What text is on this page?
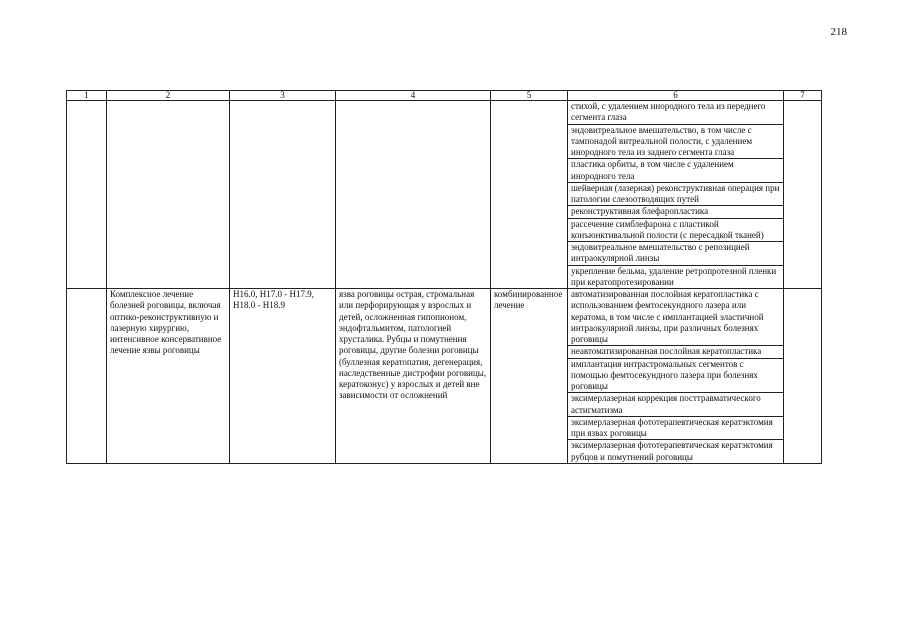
218
1	2	3	4	5	6	7
					стихой, с удалением инородного тела из переднего сегмента глаза	
					эндовитреальное вмешательство, в том числе с тампонадой витреальной полости, с удалением инородного тела из заднего сегмента глаза	
					пластика орбиты, в том числе с удалением инородного тела	
					шейверная (лазерная) реконструктивная операция при патологии слезоотводящих путей	
					реконструктивная блефаропластика	
					рассечение симблефарона с пластикой конъюнктивальной полости (с пересадкой тканей)	
					эндовитреальное вмешательство с репозицией интраокулярной линзы	
					укрепление бельма, удаление ретропротезной пленки при кератопротезировании	
	Комплексное лечение болезней роговицы, включая оптико-реконструктивную и лазерную хирургию, интенсивное консервативное лечение язвы роговицы	H16.0, H17.0 - H17.9, H18.0 - H18.9	язва роговицы острая, стромальная или перфорирующая у взрослых и детей, осложненная гипопионом, эндофтальмитом, патологией хрусталика. Рубцы и помутнения роговицы, другие болезни роговицы (буллезная кератопатия, дегенерация, наследственные дистрофии роговицы, кератоконус) у взрослых и детей вне зависимости от осложнений	комбинированное лечение	автоматизированная послойная кератопластика с использованием фемтосекундного лазера или кератома, в том числе с имплантацией эластичной интраокулярной линзы, при различных болезнях роговицы	
					неавтоматизированная послойная кератопластика	
					имплантация интрастромальных сегментов с помощью фемтосекундного лазера при болезнях роговицы	
					эксимерлазерная коррекция посттравматического астигматизма	
					эксимерлазерная фототерапевтическая кератэктомия при язвах роговицы	
					эксимерлазерная фототерапевтическая кератэктомия рубцов и помутнений роговицы	
